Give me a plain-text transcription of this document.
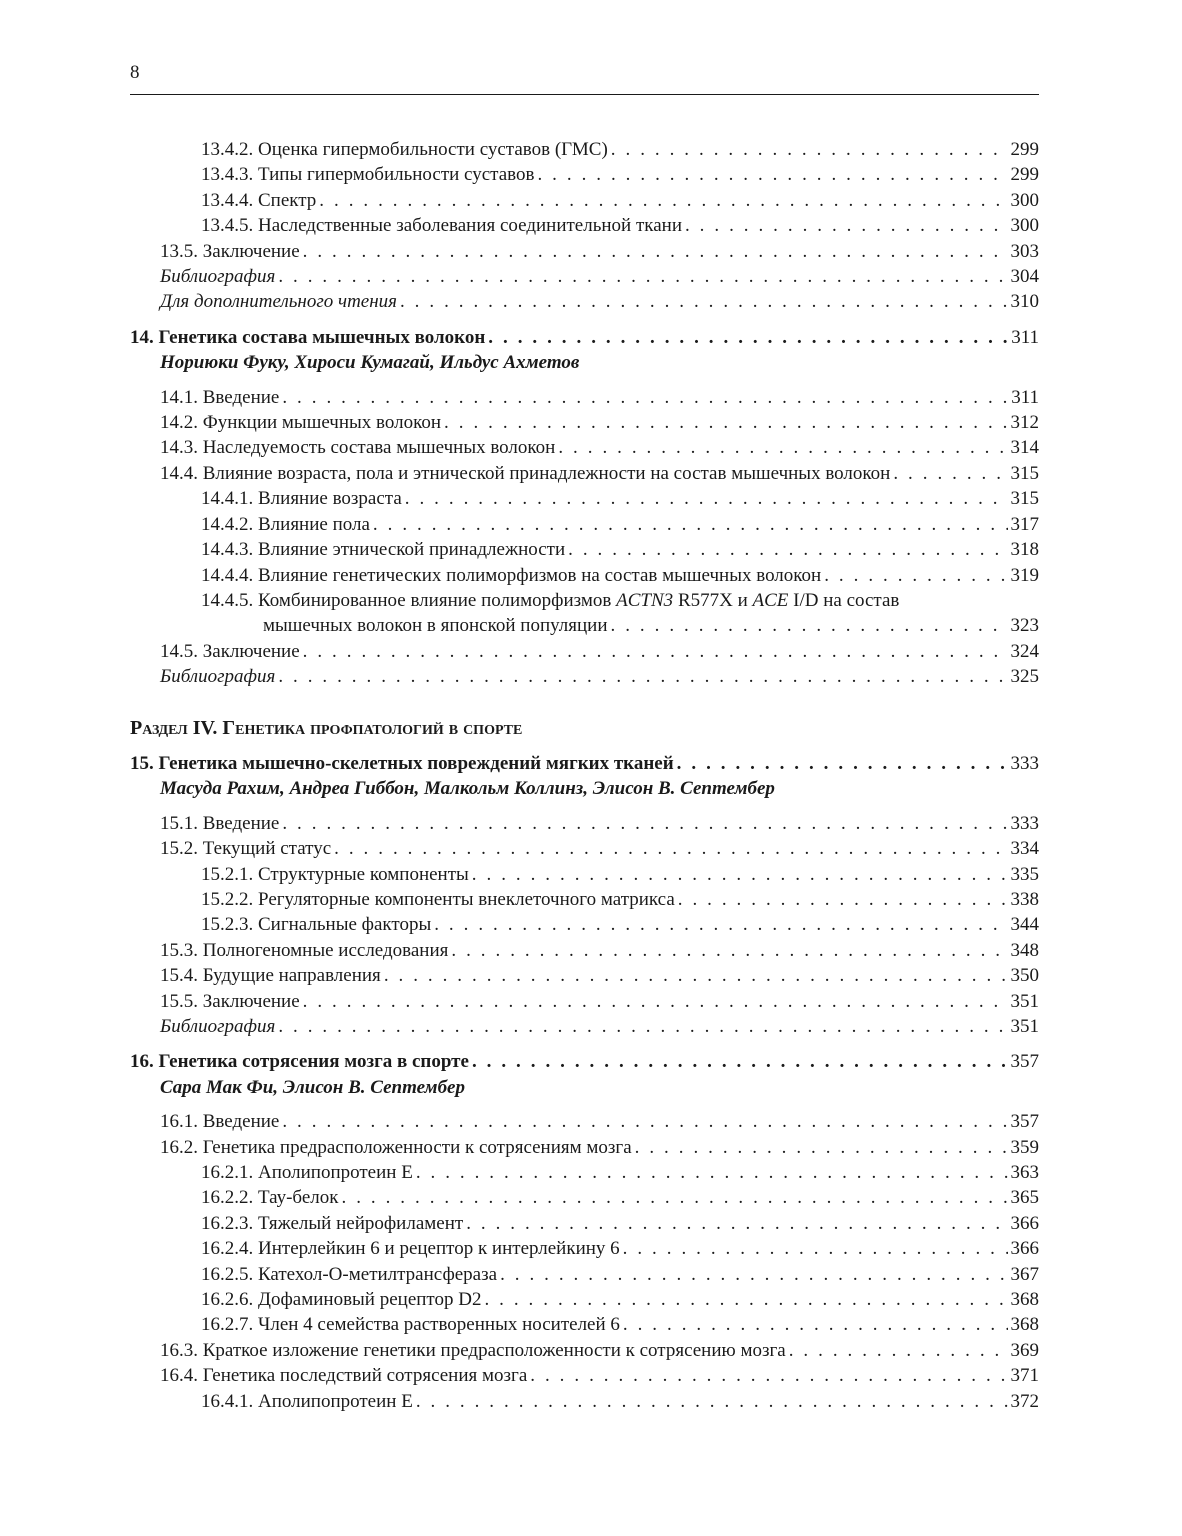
8
13.4.2. Оценка гипермобильности суставов (ГМС) . . .	299
13.4.3. Типы гипермобильности суставов . . .	299
13.4.4. Спектр . . .	300
13.4.5. Наследственные заболевания соединительной ткани . . .	300
13.5. Заключение . . .	303
Библиография . . .	304
Для дополнительного чтения . . .	310
14. Генетика состава мышечных волокон . . .	311
Нориюки Фуку, Хироси Кумагай, Ильдус Ахметов
14.1. Введение . . .	311
14.2. Функции мышечных волокон . . .	312
14.3. Наследуемость состава мышечных волокон . . .	314
14.4. Влияние возраста, пола и этнической принадлежности на состав мышечных волокон . . .	315
14.4.1. Влияние возраста . . .	315
14.4.2. Влияние пола . . .	317
14.4.3. Влияние этнической принадлежности . . .	318
14.4.4. Влияние генетических полиморфизмов на состав мышечных волокон . . .	319
14.4.5. Комбинированное влияние полиморфизмов ACTN3 R577X и ACE I/D на состав
мышечных волокон в японской популяции . . .	323
14.5. Заключение . . .	324
Библиография . . .	325
Раздел IV. Генетика профпатологий в спорте
15. Генетика мышечно-скелетных повреждений мягких тканей . . .	333
Масуда Рахим, Андреа Гиббон, Малкольм Коллинз, Элисон В. Септембер
15.1. Введение . . .	333
15.2. Текущий статус . . .	334
15.2.1. Структурные компоненты . . .	335
15.2.2. Регуляторные компоненты внеклеточного матрикса . . .	338
15.2.3. Сигнальные факторы . . .	344
15.3. Полногеномные исследования . . .	348
15.4. Будущие направления . . .	350
15.5. Заключение . . .	351
Библиография . . .	351
16. Генетика сотрясения мозга в спорте . . .	357
Сара Мак Фи, Элисон В. Септембер
16.1. Введение . . .	357
16.2. Генетика предрасположенности к сотрясениям мозга . . .	359
16.2.1. Аполипопротеин Е . . .	363
16.2.2. Тау-белок . . .	365
16.2.3. Тяжелый нейрофиламент . . .	366
16.2.4. Интерлейкин 6 и рецептор к интерлейкину 6 . . .	366
16.2.5. Катехол-О-метилтрансфераза . . .	367
16.2.6. Дофаминовый рецептор D2 . . .	368
16.2.7. Член 4 семейства растворенных носителей 6 . . .	368
16.3. Краткое изложение генетики предрасположенности к сотрясению мозга . . .	369
16.4. Генетика последствий сотрясения мозга . . .	371
16.4.1. Аполипопротеин Е . . .	372
